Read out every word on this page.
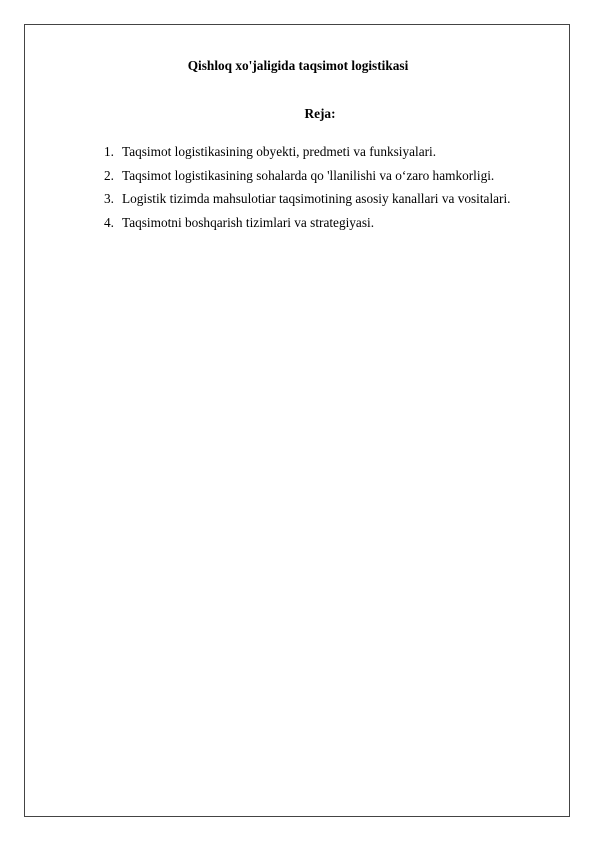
Qishloq xo'jaligida taqsimot logistikasi
Reja:
1. Taqsimot logistikasining obyekti, predmeti va funksiyalari.
2. Taqsimot logistikasining sohalarda qo 'llanilishi va o‘zaro hamkorligi.
3. Logistik tizimda mahsulotiar taqsimotining asosiy kanallari va vositalari.
4. Taqsimotni boshqarish tizimlari va strategiyasi.
